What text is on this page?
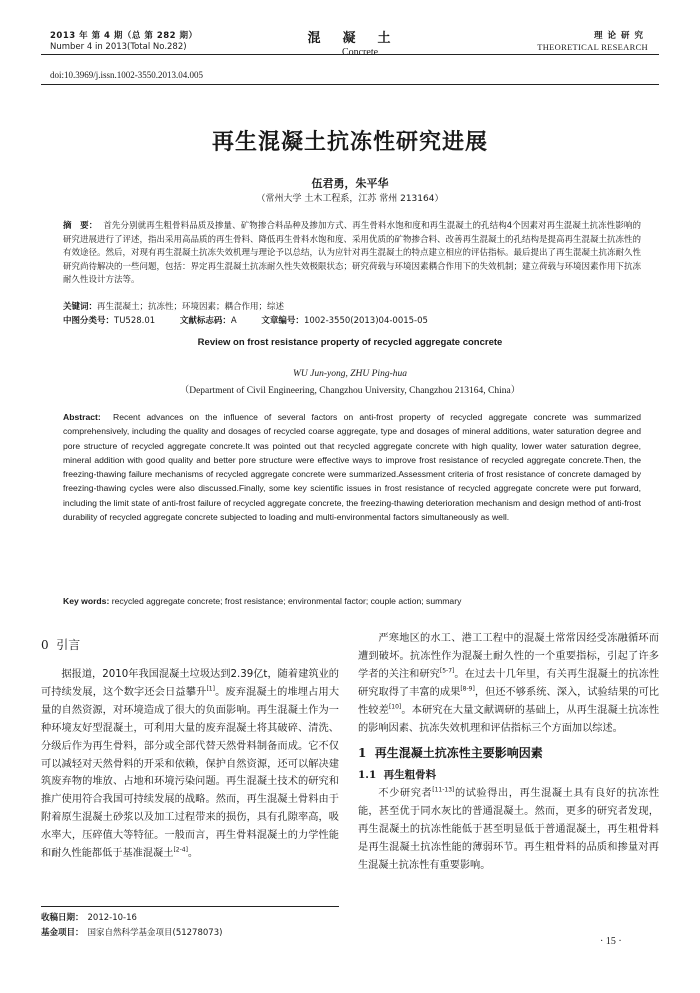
2013 年 第 4 期（总 第 282 期）
Number 4 in 2013(Total No.282)
混凝土
Concrete
理论研究
THEORETICAL RESEARCH
doi:10.3969/j.issn.1002-3550.2013.04.005
再生混凝土抗冻性研究进展
伍君勇，朱平华
（常州大学 土木工程系，江苏 常州 213164）
摘　要： 首先分别就再生粗骨料品质及掺量、矿物掺合料品种及掺加方式、再生骨料水饱和度和再生混凝土的孔结构4个因素对再生混凝土抗冻性影响的研究进展进行了评述，指出采用高品质的再生骨料、降低再生骨料水饱和度、采用优质的矿物掺合料、改善再生混凝土的孔结构是提高再生混凝土抗冻性的有效途径。然后，对现有再生混凝土抗冻失效机理与理论予以总结，认为应针对再生混凝土的特点建立相应的评估指标。最后提出了再生混凝土抗冻耐久性研究尚待解决的一些问题，包括：界定再生混凝土抗冻耐久性失效极限状态；研究荷载与环境因素耦合作用下的失效机制；建立荷载与环境因素作用下抗冻耐久性设计方法等。
关键词：再生混凝土；抗冻性；环境因素；耦合作用；综述
中图分类号：TU528.01	文献标志码：A	文章编号：1002-3550(2013)04-0015-05
Review on frost resistance property of recycled aggregate concrete
WU Jun-yong, ZHU Ping-hua
（Department of Civil Engineering, Changzhou University, Changzhou 213164, China）
Abstract: Recent advances on the influence of several factors on anti-frost property of recycled aggregate concrete was summarized comprehensively, including the quality and dosages of recycled coarse aggregate, type and dosages of mineral additions, water saturation degree and pore structure of recycled aggregate concrete.It was pointed out that recycled aggregate concrete with high quality, lower water saturation degree, mineral addition with good quality and better pore structure were effective ways to improve frost resistance of recycled aggregate concrete.Then, the freezing-thawing failure mechanisms of recycled aggregate concrete were summarized.Assessment criteria of frost resistance of concrete damaged by freezing-thawing cycles were also discussed.Finally, some key scientific issues in frost resistance of recycled aggregate concrete were put forward, including the limit state of anti-frost failure of recycled aggregate concrete, the freezing-thawing deterioration mechanism and design method of anti-frost durability of recycled aggregate concrete subjected to loading and multi-environmental factors simultaneously as well.
Key words: recycled aggregate concrete; frost resistance; environmental factor; couple action; summary
0 引言

据报道，2010年我国混凝土垃圾达到2.39亿t，随着建筑业的可持续发展，这个数字还会日益攀升[1]。废弃混凝土的堆埋占用大量的自然资源，对环境造成了很大的负面影响。再生混凝土作为一种环境友好型混凝土，可利用大量的废弃混凝土将其破碎、清洗、分级后作为再生骨料，部分或全部代替天然骨料制备而成。它不仅可以减轻对天然骨料的开采和依赖，保护自然资源，还可以解决建筑废弃物的堆放、占地和环境污染问题。再生混凝土技术的研究和推广使用符合我国可持续发展的战略。然而，再生混凝土骨料由于附着原生混凝土砂浆以及加工过程带来的损伤，具有孔隙率高，吸水率大，压碎值大等特征。一般而言，再生骨料混凝土的力学性能和耐久性能都低于基准混凝土[2-4]。

收稿日期： 2012-10-16
基金项目： 国家自然科学基金项目(51278073)

严寒地区的水工、港工工程中的混凝土常常因经受冻融循环而遭到破坏。抗冻性作为混凝土耐久性的一个重要指标，引起了许多学者的关注和研究[5-7]。在过去十几年里，有关再生混凝土的抗冻性研究取得了丰富的成果[8-9]，但还不够系统、深入，试验结果的可比性较差[10]。本研究在大量文献调研的基础上，从再生混凝土抗冻性的影响因素、抗冻失效机理和评估指标三个方面加以综述。

1 再生混凝土抗冻性主要影响因素
1.1 再生粗骨料

不少研究者[11-13]的试验得出，再生混凝土具有良好的抗冻性能，甚至优于同水灰比的普通混凝土。然而，更多的研究者发现，再生混凝土的抗冻性能低于甚至明显低于普通混凝土，再生粗骨料是再生混凝土抗冻性能的薄弱环节。再生粗骨料的品质和掺量对再生混凝土抗冻性有重要影响。

· 15 ·
